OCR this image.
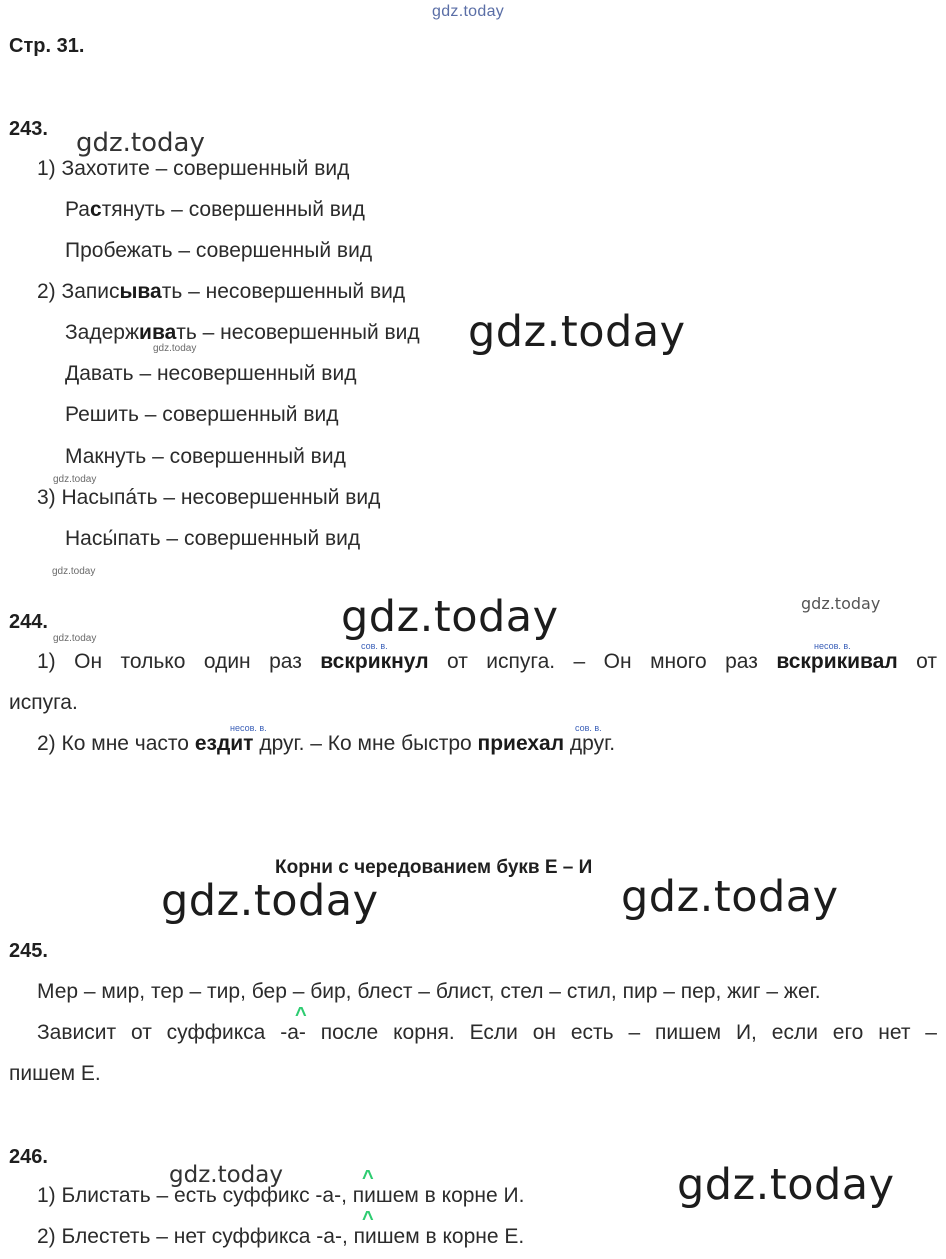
gdz.today
Стр. 31.
243. gdz.today
1) Захотите – совершенный вид
Растянуть – совершенный вид
Пробежать – совершенный вид
2) Записывать – несовершенный вид
Задерживать – несовершенный вид
gdz.today	gdz.today
Давать – несовершенный вид
Решить – совершенный вид
Макнуть – совершенный вид
gdz.today
3) Насыпáть – несовершенный вид
Насы́пать – совершенный вид
gdz.today
244.
gdz.today	gdz.today	gdz.today
сов. в.	несов. в.
1) Он только один раз вскрикнул от испуга. – Он много раз вскрикивал от
испуга.
несов. в.	сов. в.
2) Ко мне часто ездит друг. – Ко мне быстро приехал друг.
Корни с чередованием букв Е – И
gdz.today	gdz.today
245.
Мер – мир, тер – тир, бер – бир, блест – блист, стел – стил, пир – пер, жиг – жег.
^
Зависит от суффикса -а- после корня. Если он есть – пишем И, если его нет –
пишем Е.
246.
gdz.today	gdz.today
^
1) Блистать – есть суффикс -а-, пишем в корне И.
^
2) Блестеть – нет суффикса -а-, пишем в корне Е.
